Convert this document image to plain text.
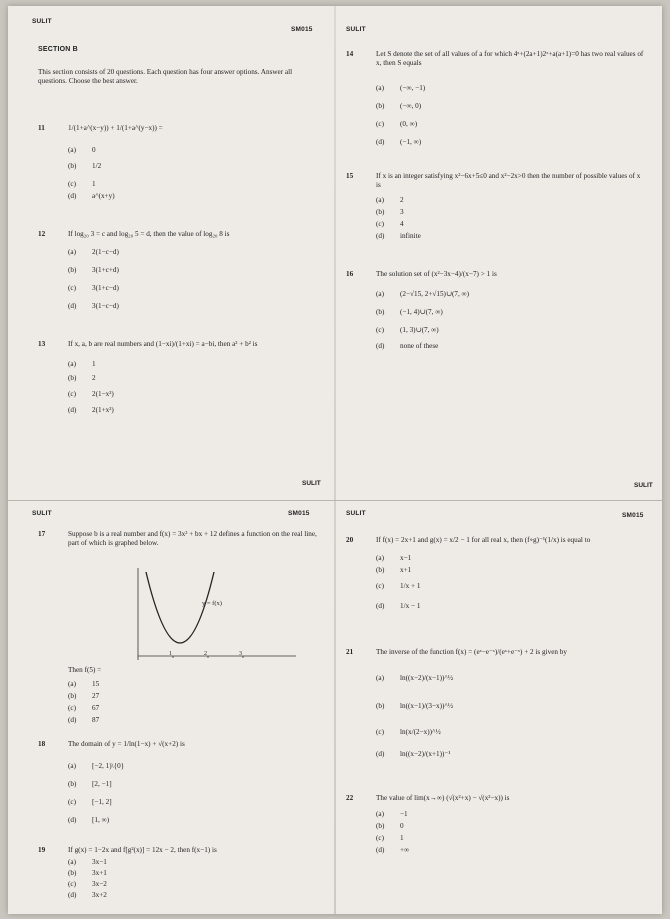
SULIT
SM015
SECTION B
This section consists of 20 questions. Each question has four answer options. Answer all questions. Choose the best answer.
11	1/(1+a^(x−y)) + 1/(1+a^(y−x)) =
(a) 0
(b) 1/2
(c) 1
(d) a^(x+y)
12	If log₂₀ 3 = c and log₂₀ 5 = d, then the value of log₂₀ 8 is
(a) 2(1−c−d)
(b) 3(1+c+d)
(c) 3(1+c−d)
(d) 3(1−c−d)
13	If x, a, b are real numbers and (1−xi)/(1+xi) = a−bi, then a² + b² is
(a) 1
(b) 2
(c) 2(1−x²)
(d) 2(1+x²)
SULIT
SULIT
14	Let S denote the set of all values of a for which 4ˣ+(2a+1)2ˣ+a(a+1)=0 has two real values of x, then S equals
(a) (−∞, −1)
(b) (−∞, 0)
(c) (0, ∞)
(d) (−1, ∞)
15	If x is an integer satisfying x²−6x+5≤0 and x²−2x>0 then the number of possible values of x is
(a) 2
(b) 3
(c) 4
(d) infinite
16	The solution set of (x²−3x−4)/(x−7) > 1 is
(a) (2−√15, 2+√15)∪(7, ∞)
(b) (−1, 4)∪(7, ∞)
(c) (1, 3)∪(7, ∞)
(d) none of these
SULIT
SULIT	SM015
17	Suppose b is a real number and f(x) = 3x² + bx + 12 defines a function on the real line, part of which is graphed below.
y = f(x)
1	2	3
Then f(5) =
(a) 15
(b) 27
(c) 67
(d) 87
18	The domain of y = 1/ln(1−x) + √(x+2) is
(a) [−2, 1)\{0}
(b) [2, −1]
(c) [−1, 2]
(d) [1, ∞)
19	If g(x) = 1−2x and f[g²(x)] = 12x − 2, then f(x−1) is
(a) 3x−1
(b) 3x+1
(c) 3x−2
(d) 3x+2
SULIT	SM015
20	If f(x) = 2x+1 and g(x) = x/2 − 1 for all real x, then (f∘g)⁻¹(1/x) is equal to
(a) x−1
(b) x+1
(c) 1/x + 1
(d) 1/x − 1
21	The inverse of the function f(x) = (eˣ−e⁻ˣ)/(eˣ+e⁻ˣ) + 2 is given by
(a) ln((x−2)/(x−1))^½
(b) ln((x−1)/(3−x))^½
(c) ln(x/(2−x))^½
(d) ln((x−2)/(x+1))⁻¹
22	The value of lim(x→∞) (√(x²+x) − √(x²−x)) is
(a) −1
(b) 0
(c) 1
(d) +∞
